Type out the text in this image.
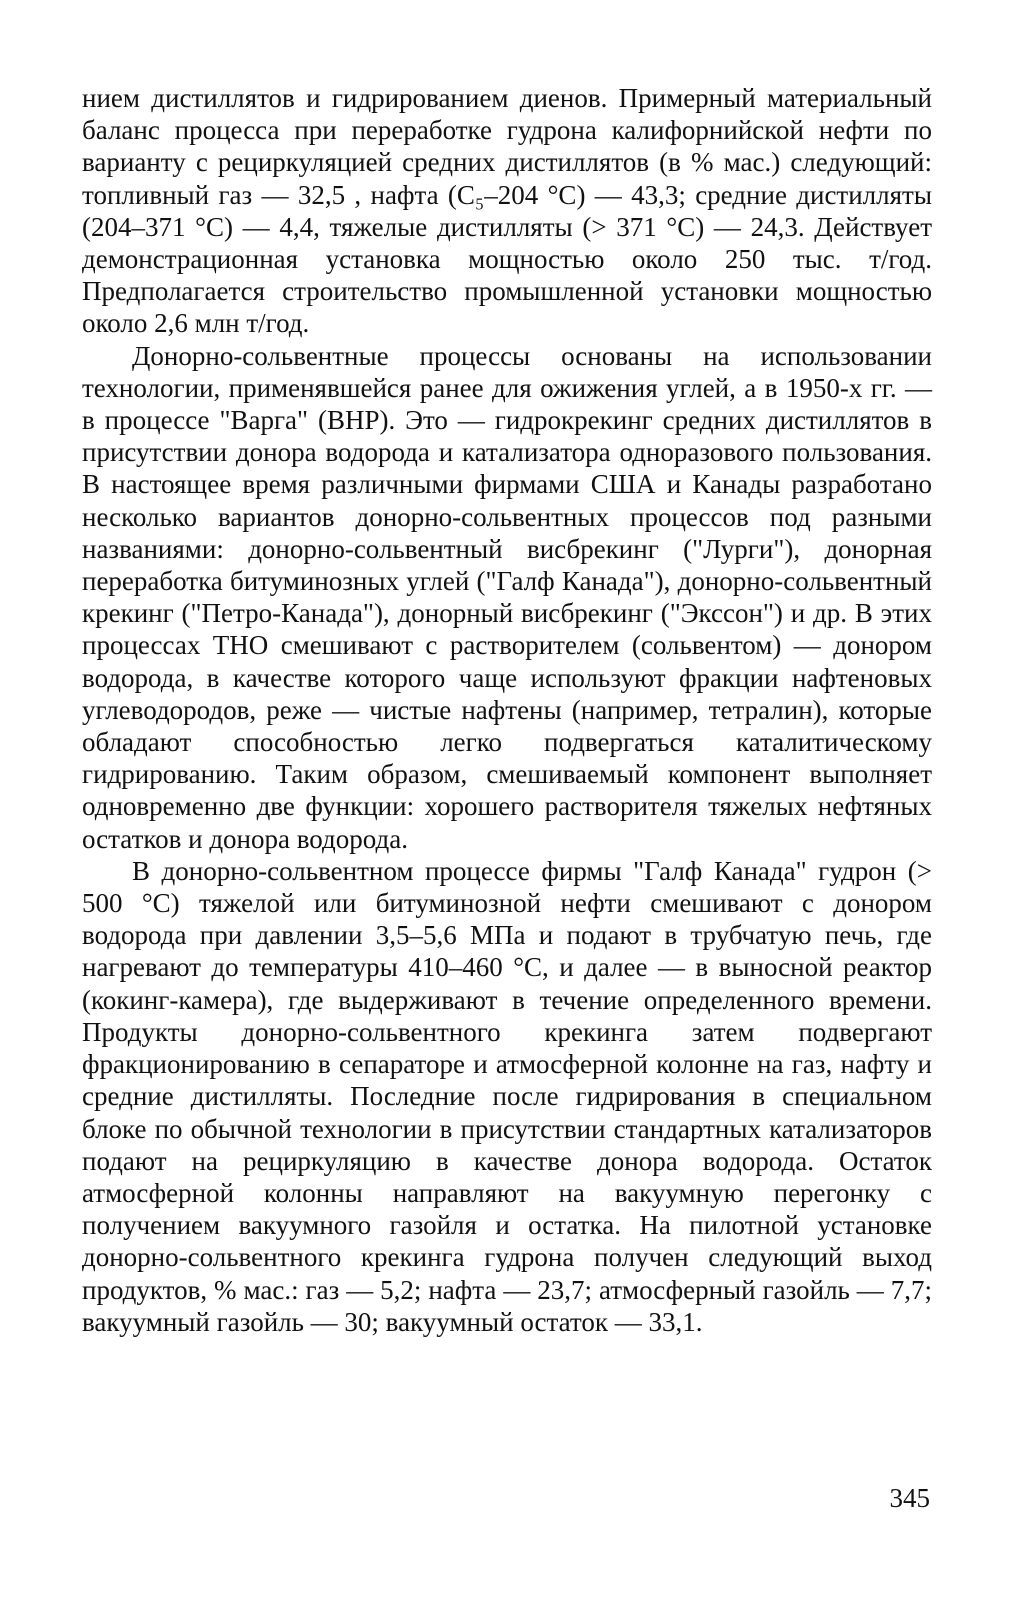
нием дистиллятов и гидрированием диенов. Примерный материальный баланс процесса при переработке гудрона калифорнийской нефти по варианту с рециркуляцией средних дистиллятов (в % мас.) следующий: топливный газ — 32,5 , нафта (C₅–204 °C) — 43,3; средние дистилляты (204–371 °C) — 4,4, тяжелые дистилляты (> 371 °C) — 24,3. Действует демонстрационная установка мощностью около 250 тыс. т/год. Предполагается строительство промышленной установки мощностью около 2,6 млн т/год.

Донорно-сольвентные процессы основаны на использовании технологии, применявшейся ранее для ожижения углей, а в 1950-х гг. — в процессе "Варга" (ВНР). Это — гидрокрекинг средних дистиллятов в присутствии донора водорода и катализатора одноразового пользования. В настоящее время различными фирмами США и Канады разработано несколько вариантов донорно-сольвентных процессов под разными названиями: донорно-сольвентный висбрекинг ("Лурги"), донорная переработка битуминозных углей ("Галф Канада"), донорно-сольвентный крекинг ("Петро-Канада"), донорный висбрекинг ("Экссон") и др. В этих процессах ТНО смешивают с растворителем (сольвентом) — донором водорода, в качестве которого чаще используют фракции нафтеновых углеводородов, реже — чистые нафтены (например, тетралин), которые обладают способностью легко подвергаться каталитическому гидрированию. Таким образом, смешиваемый компонент выполняет одновременно две функции: хорошего растворителя тяжелых нефтяных остатков и донора водорода.

В донорно-сольвентном процессе фирмы "Галф Канада" гудрон (> 500 °C) тяжелой или битуминозной нефти смешивают с донором водорода при давлении 3,5–5,6 МПа и подают в трубчатую печь, где нагревают до температуры 410–460 °C, и далее — в выносной реактор (кокинг-камера), где выдерживают в течение определенного времени. Продукты донорно-сольвентного крекинга затем подвергают фракционированию в сепараторе и атмосферной колонне на газ, нафту и средние дистилляты. Последние после гидрирования в специальном блоке по обычной технологии в присутствии стандартных катализаторов подают на рециркуляцию в качестве донора водорода. Остаток атмосферной колонны направляют на вакуумную перегонку с получением вакуумного газойля и остатка. На пилотной установке донорно-сольвентного крекинга гудрона получен следующий выход продуктов, % мас.: газ — 5,2; нафта — 23,7; атмосферный газойль — 7,7; вакуумный газойль — 30; вакуумный остаток — 33,1.

345
